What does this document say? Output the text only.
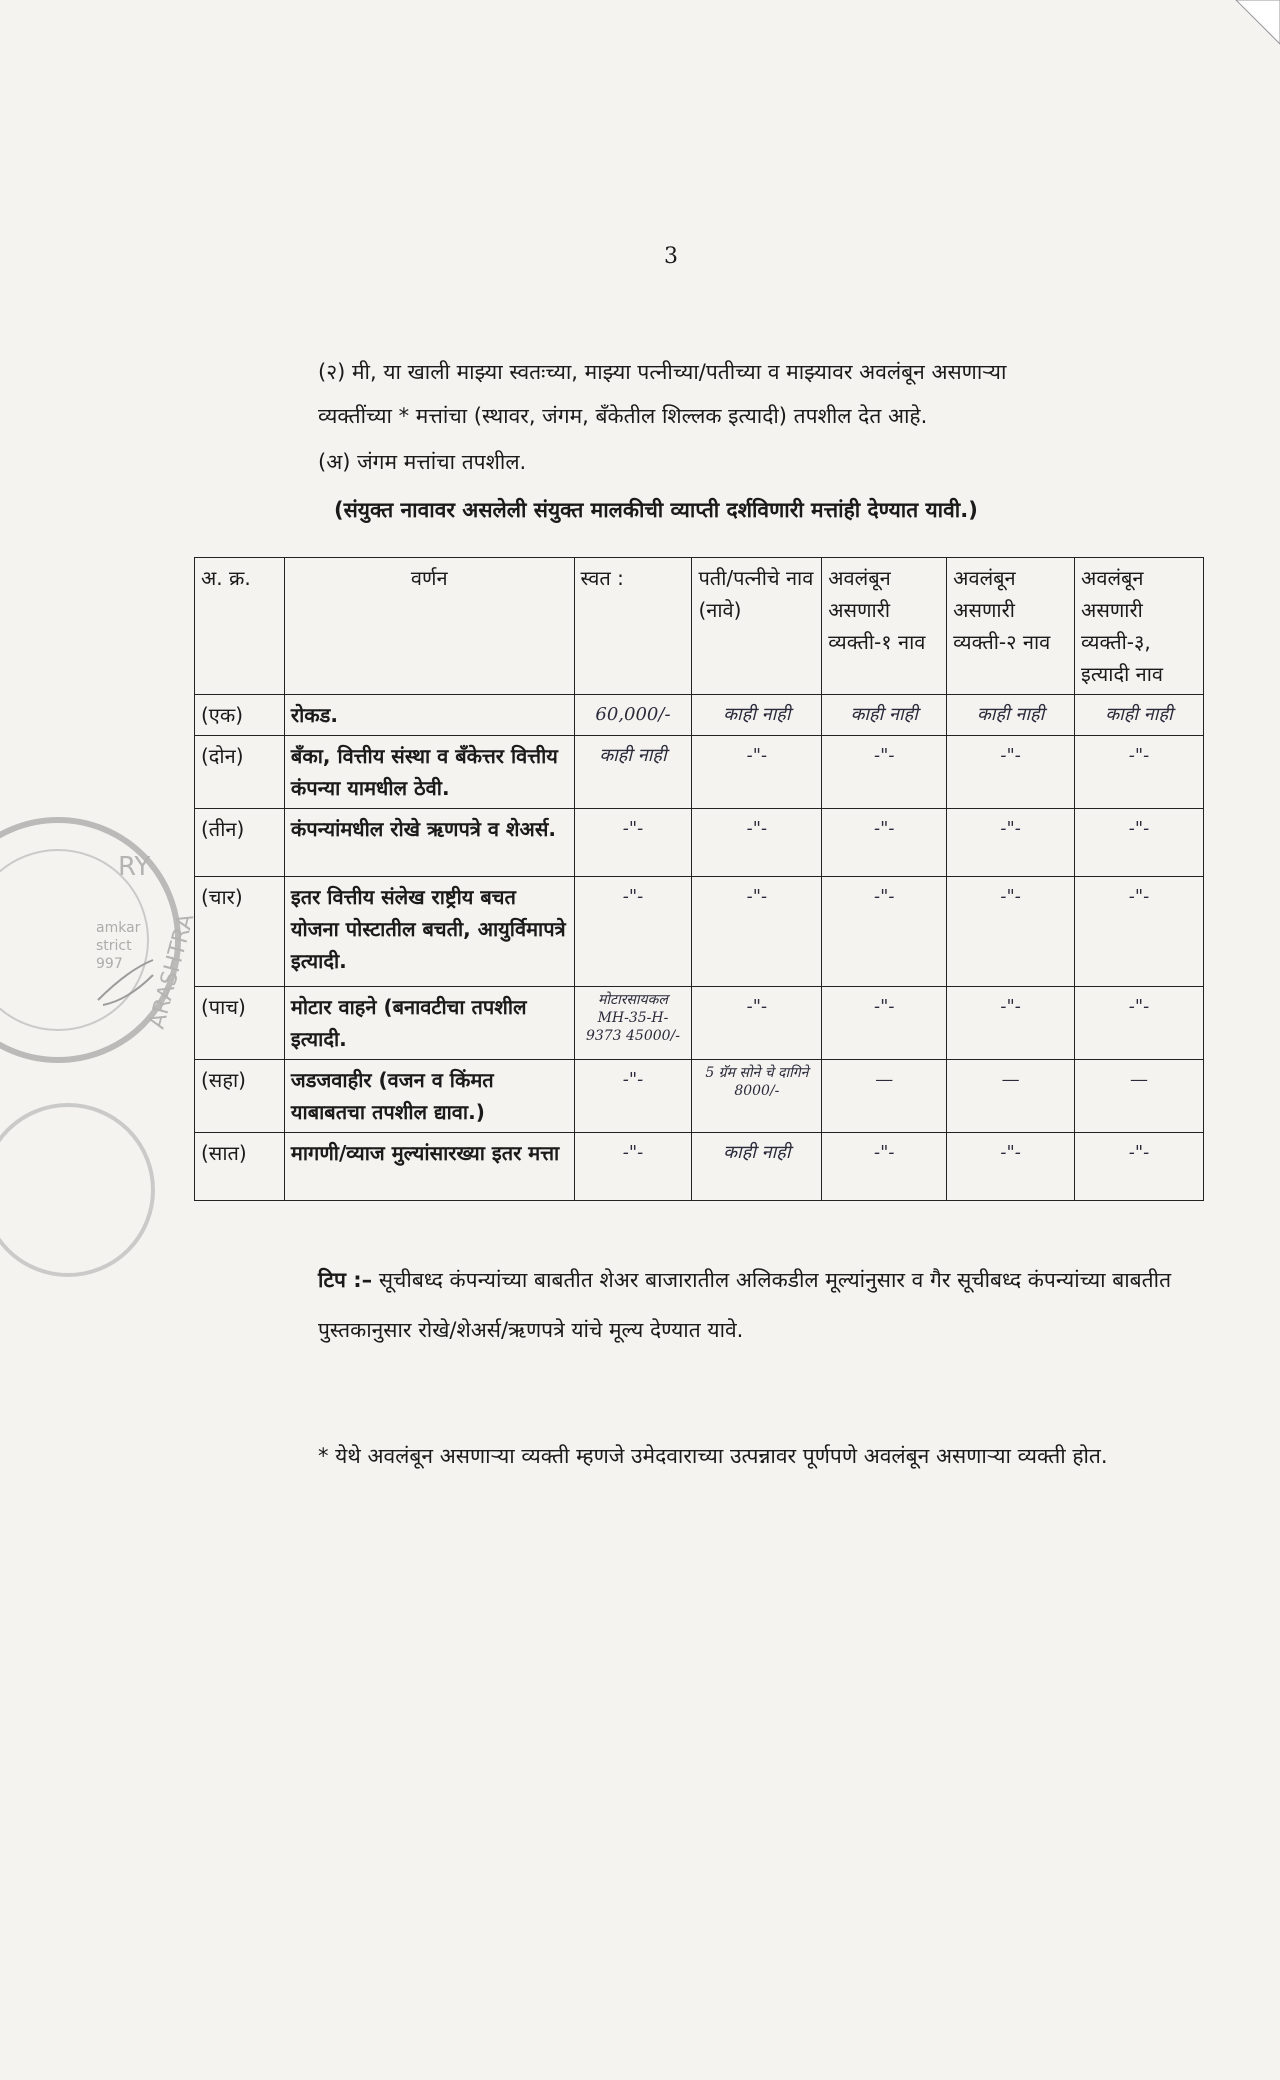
3

(२) मी, या खाली माझ्या स्वतःच्या, माझ्या पत्नीच्या/पतीच्या व माझ्यावर अवलंबून असणाऱ्या

व्यक्तींच्या * मत्तांचा (स्थावर, जंगम, बँकेतील शिल्लक इत्यादी) तपशील देत आहे.

(अ) जंगम मत्तांचा तपशील.
(संयुक्त नावावर असलेली संयुक्त मालकीची व्याप्ती दर्शविणारी मत्तांही देण्यात यावी.)
अ. क्र.	वर्णन	स्वत :	पती/पत्नीचे नाव (नावे)	अवलंबून असणारी व्यक्ती-१ नाव	अवलंबून असणारी व्यक्ती-२ नाव	अवलंबून असणारी व्यक्ती-३, इत्यादी नाव
(एक)	रोकड.	60,000/-	काही नाही	काही नाही	काही नाही	काही नाही
(दोन)	बँका, वित्तीय संस्था व बँकेत्तर वित्तीय कंपन्या यामधील ठेवी.	काही नाही	-"-	-"-	-"-	-"-
(तीन)	कंपन्यांमधील रोखे ऋणपत्रे व शेअर्स.	-"-	-"-	-"-	-"-	-"-
(चार)	इतर वित्तीय संलेख राष्ट्रीय बचत योजना पोस्टातील बचती, आयुर्विमापत्रे इत्यादी.	-"-	-"-	-"-	-"-	-"-
(पाच)	मोटार वाहने (बनावटीचा तपशील इत्यादी.	मोटारसायकल MH-35-H-9373 45000/-	-"-	-"-	-"-	-"-
(सहा)	जडजवाहीर (वजन व किंमत याबाबतचा तपशील द्यावा.)	-"-	5 ग्रॅम सोने चे दागिने 8000/-	—	—	—
(सात)	मागणी/व्याज मुल्यांसारख्या इतर मत्ता	-"-	काही नाही	-"-	-"-	-"-
टिप :– सूचीबध्द कंपन्यांच्या बाबतीत शेअर बाजारातील अलिकडील मूल्यांनुसार व गैर सूचीबध्द कंपन्यांच्या बाबतीत पुस्तकानुसार रोखे/शेअर्स/ऋणपत्रे यांचे मूल्य देण्यात यावे.
* येथे अवलंबून असणाऱ्या व्यक्ती म्हणजे उमेदवाराच्या उत्पन्नावर पूर्णपणे अवलंबून असणाऱ्या व्यक्ती होत.
RY
ARASHTRA
amkar
strict
997
